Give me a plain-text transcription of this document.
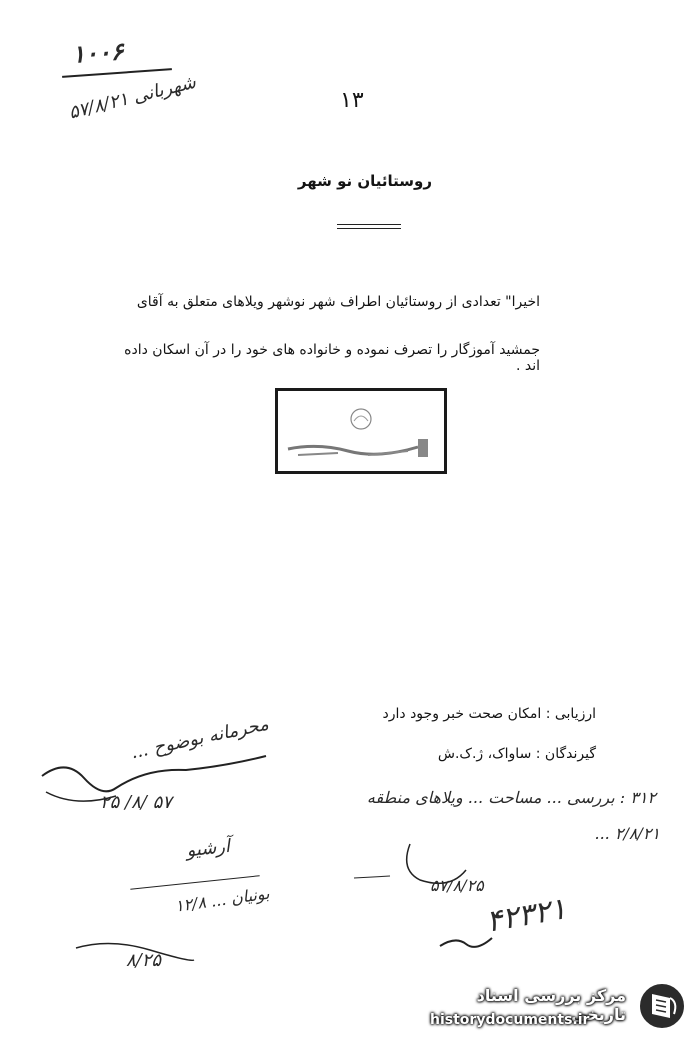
۱۰۰۶
شهربانی ۵۷/۸/۲۱	۱۳
روستائیان نو شهر
اخیرا" تعدادی از روستائیان اطراف شهر نوشهر ویلاهای متعلق به آقای
جمشید آموزگار را تصرف نموده و خانواده های خود را در آن اسکان داده اند .
ارزیابی : امکان صحت خبر وجود دارد
گیرندگان : ساواک، ژ.ک.ش
محرمانه بوضوح ...
۲۵ /۸/ ۵۷
آرشیو
بونیان ... ۱۲/۸
۸/۲۵
۳۱۲ : بررسی ... مساحت ... ویلاهای منطقه
۲/۸/۲۱ ...
۵۷/۸/۲۵
۴۲۳۲۱
مرکز بررسی اسناد تاریخی
historydocuments.ir
